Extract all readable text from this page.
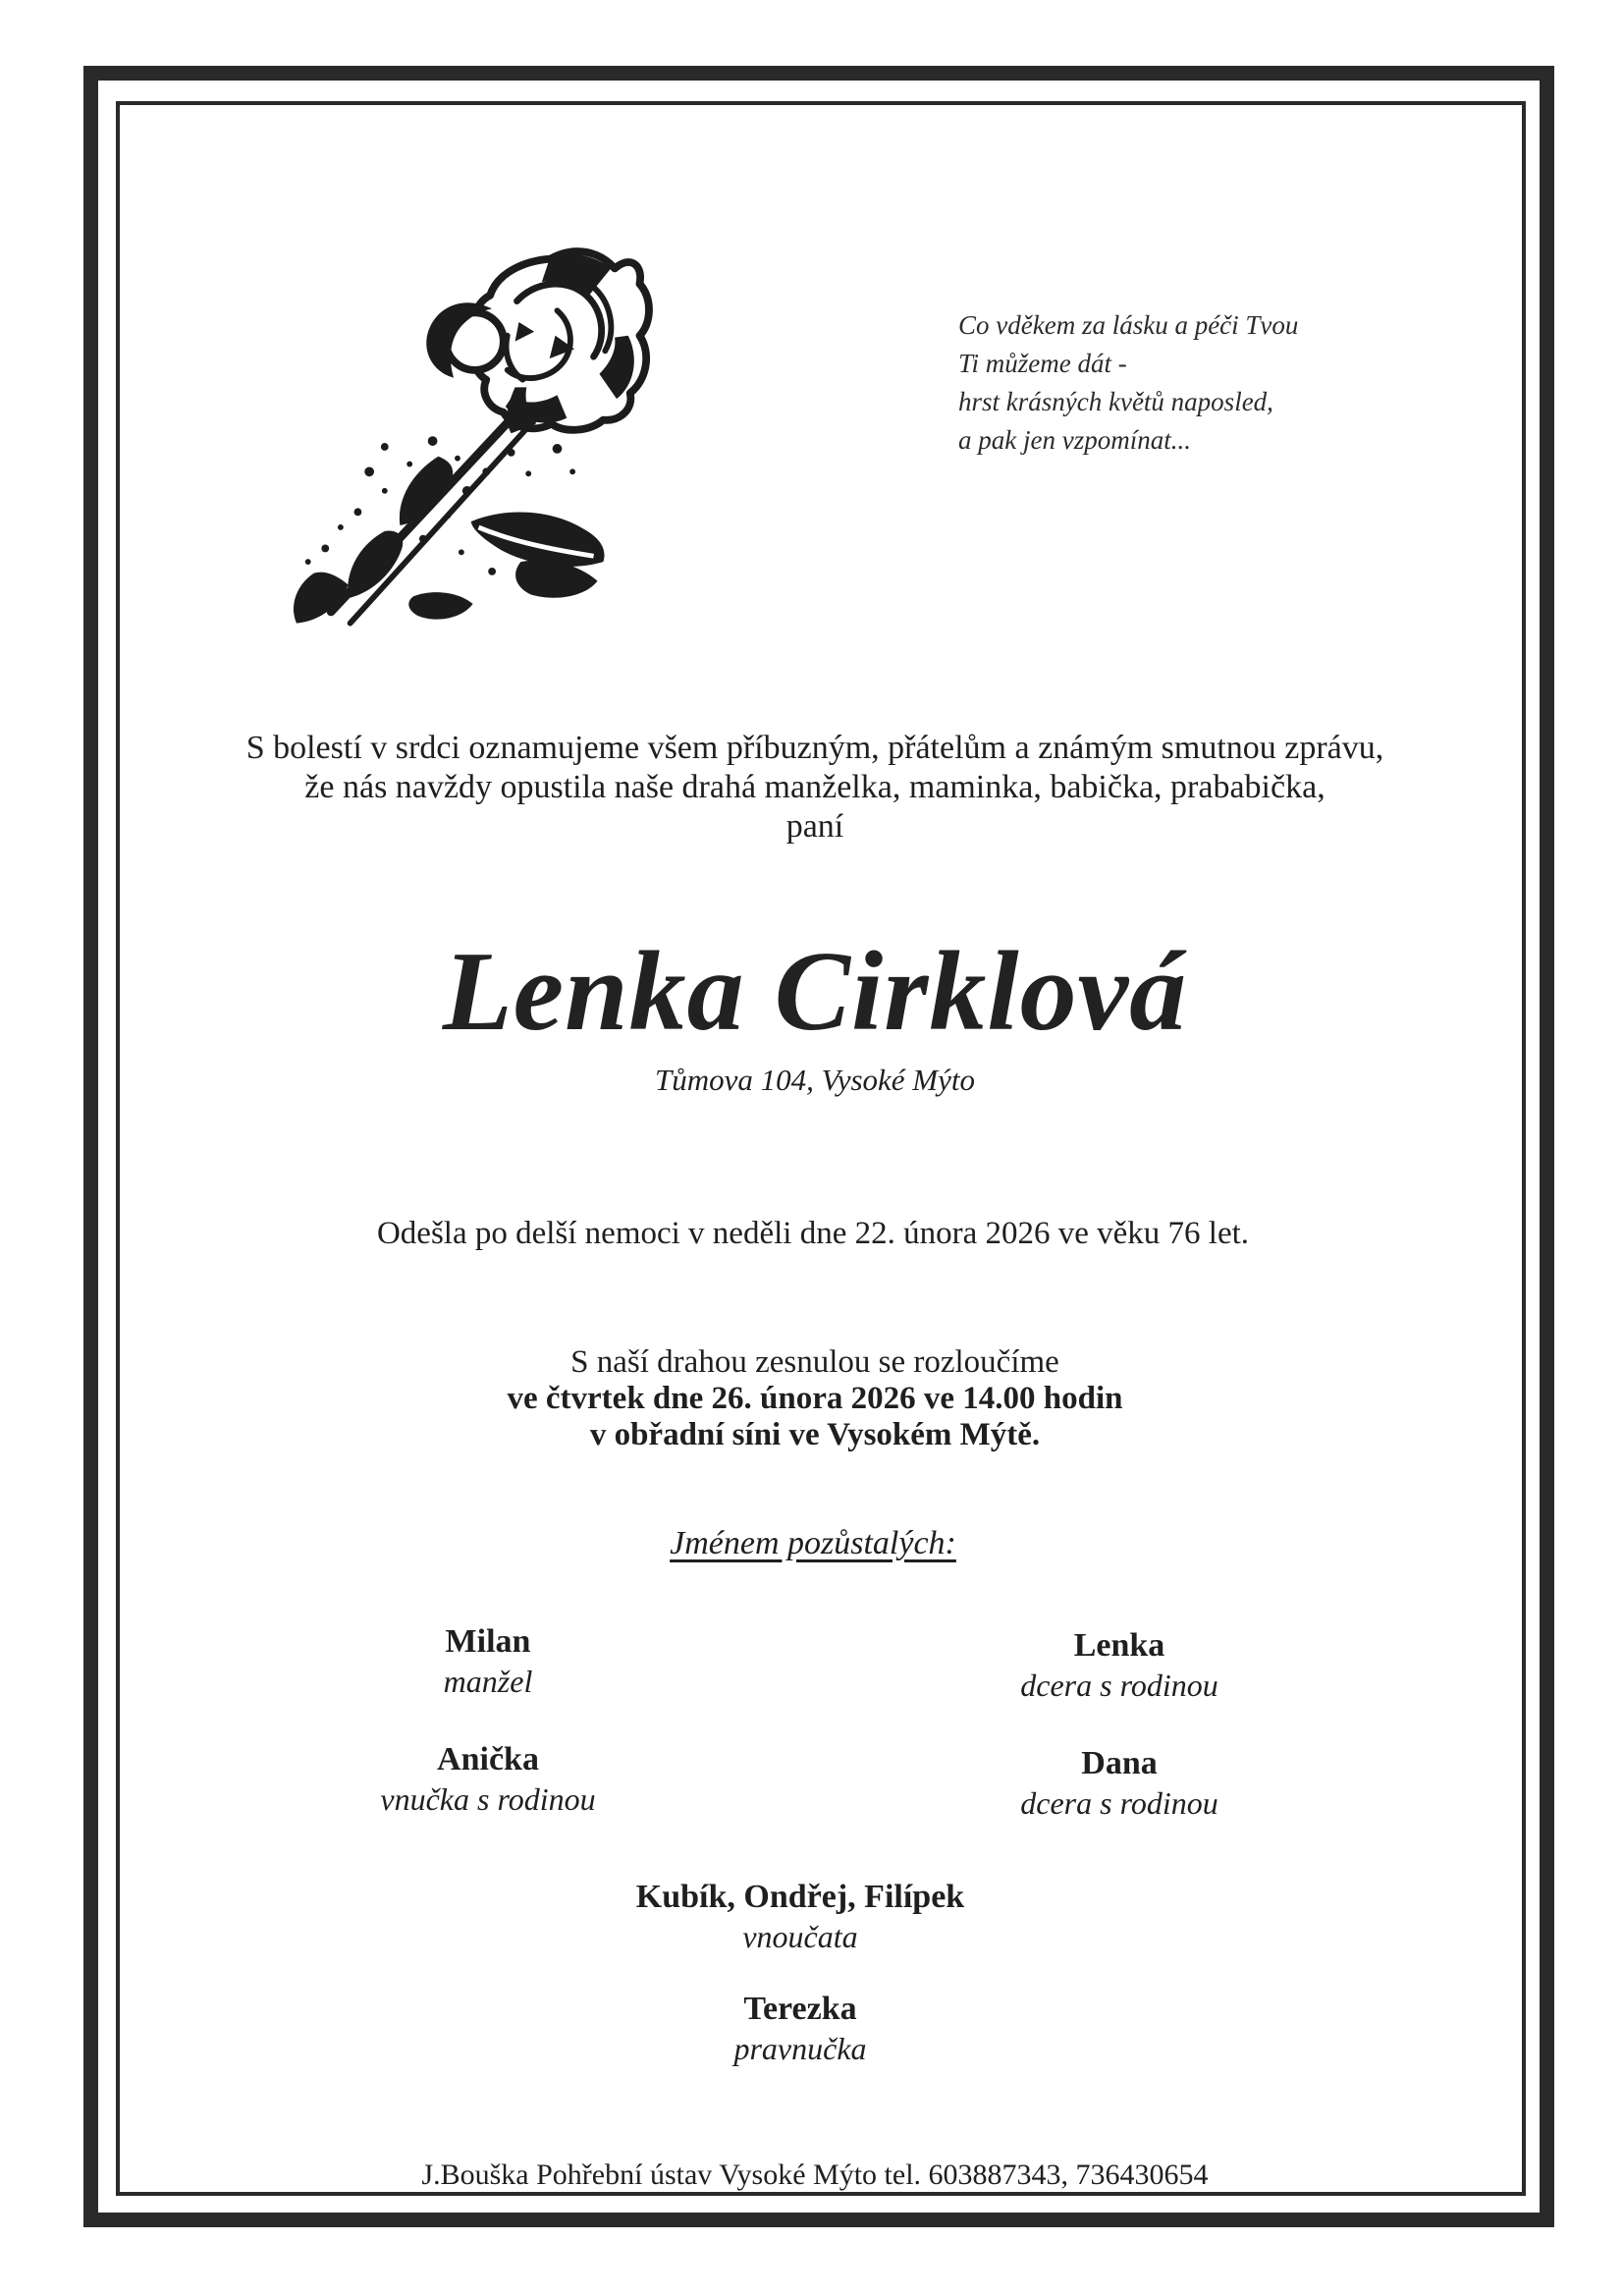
Co vděkem za lásku a péči Tvou
Ti můžeme dát -
hrst krásných květů naposled,
a pak jen vzpomínat...
S bolestí v srdci oznamujeme všem příbuzným, přátelům a známým smutnou zprávu,
že nás navždy opustila naše drahá manželka, maminka, babička, prababička,
paní
Lenka Cirklová
Tůmova 104, Vysoké Mýto
Odešla po delší nemoci v neděli dne 22. února 2026 ve věku 76 let.
S naší drahou zesnulou se rozloučíme
ve čtvrtek dne 26. února 2026 ve 14.00 hodin
v obřadní síni ve Vysokém Mýtě.
Jménem pozůstalých:
Milan
manžel
Anička
vnučka s rodinou
Lenka
dcera s rodinou
Dana
dcera s rodinou
Kubík, Ondřej, Filípek
vnoučata
Terezka
pravnučka
J.Bouška Pohřební ústav Vysoké Mýto tel. 603887343, 736430654
